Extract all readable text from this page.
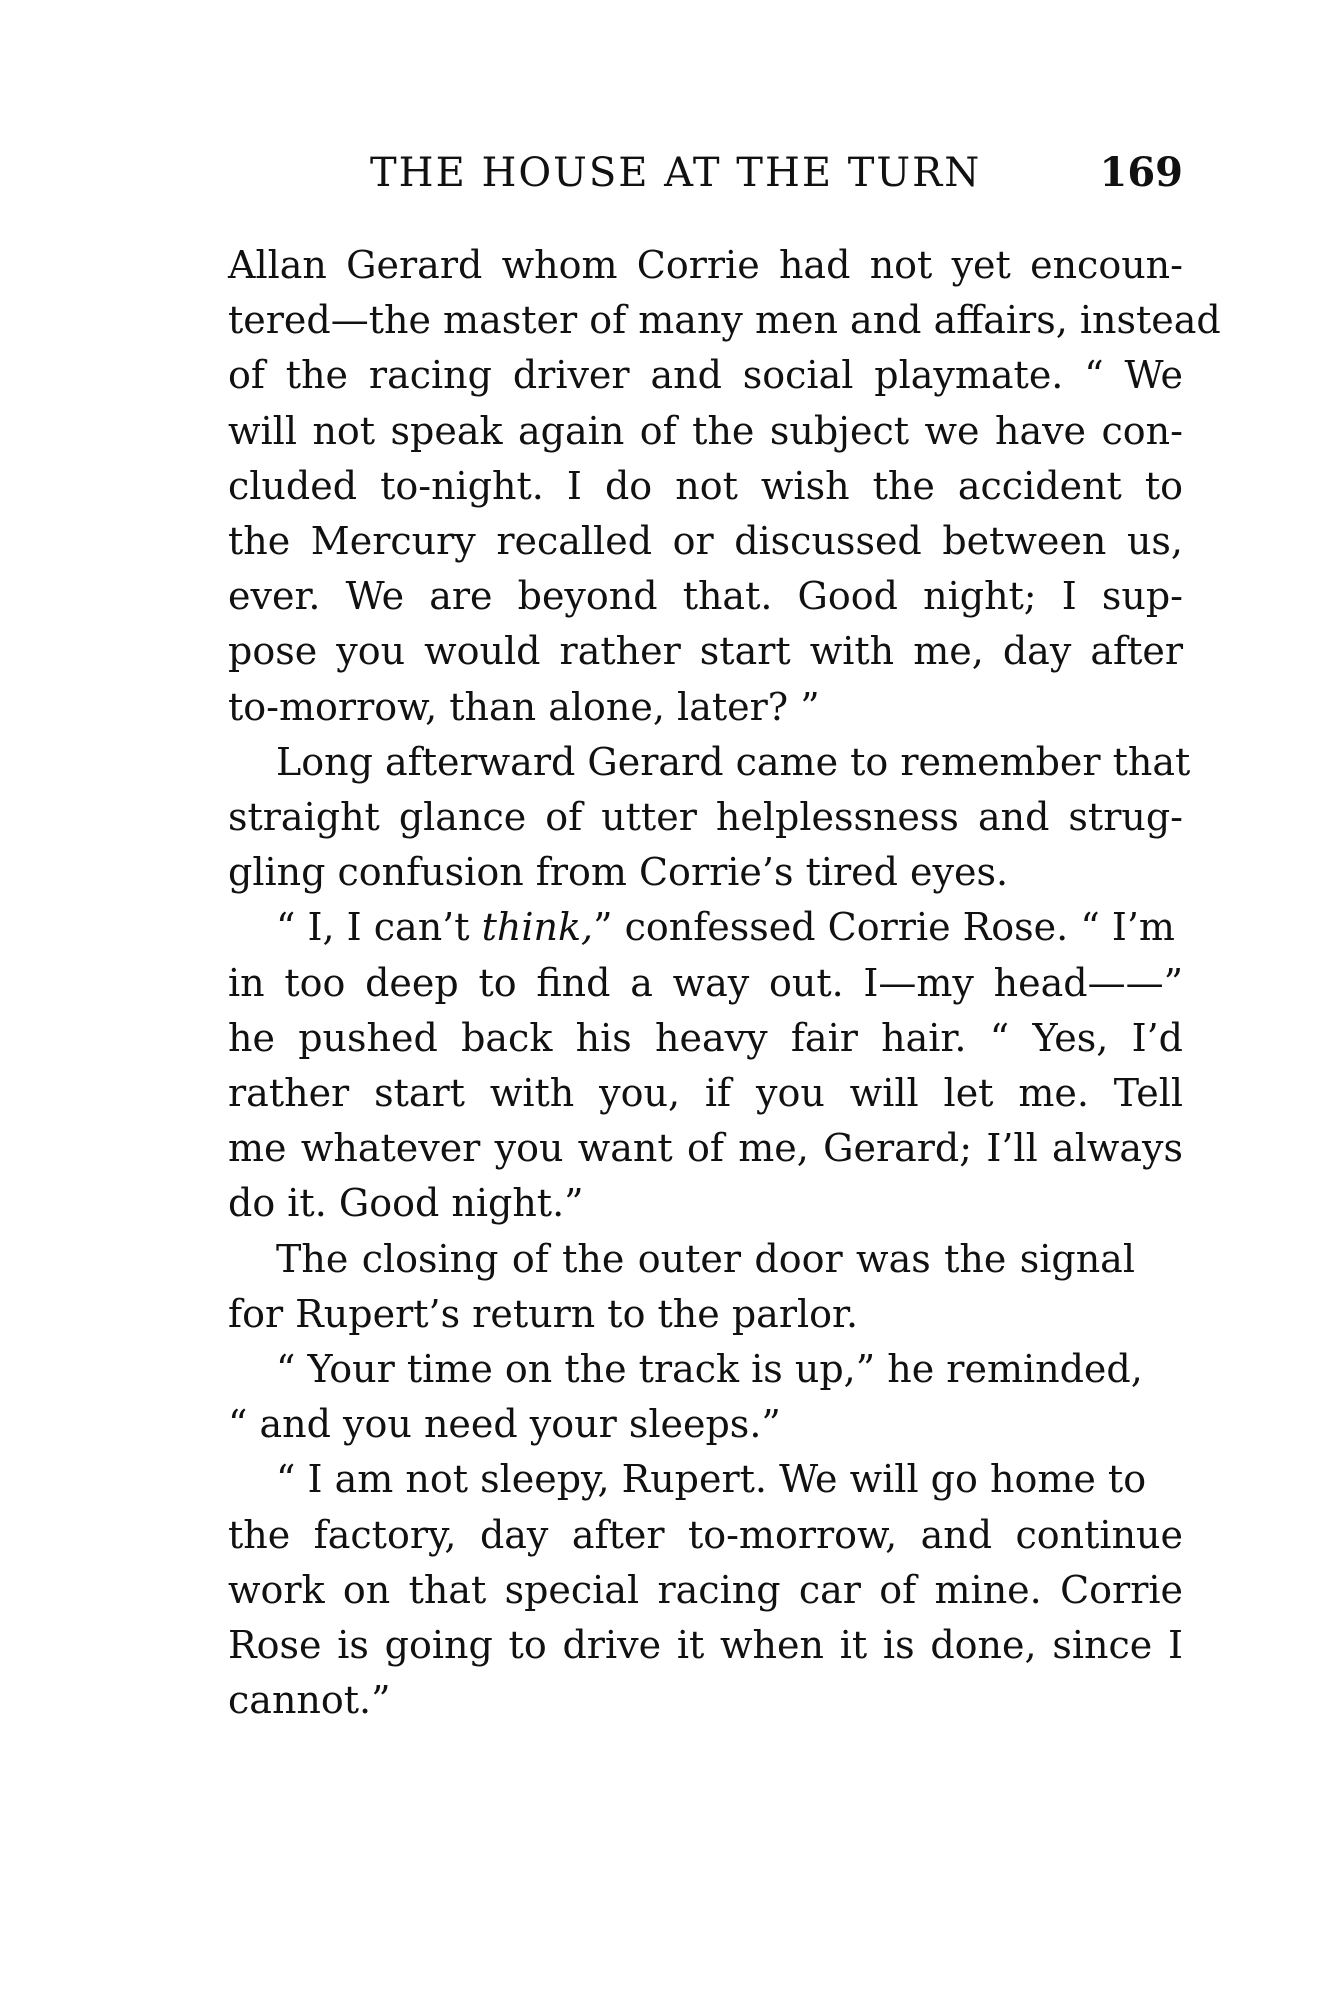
THE HOUSE AT THE TURN	169

Allan Gerard whom Corrie had not yet encoun-
tered—the master of many men and affairs, instead
of the racing driver and social playmate. “ We
will not speak again of the subject we have con-
cluded to-night. I do not wish the accident to
the Mercury recalled or discussed between us,
ever. We are beyond that. Good night; I sup-
pose you would rather start with me, day after
to-morrow, than alone, later? ”

Long afterward Gerard came to remember that
straight glance of utter helplessness and strug-
gling confusion from Corrie’s tired eyes.

“ I, I can’t think,” confessed Corrie Rose. “ I’m
in too deep to find a way out. I—my head——”
he pushed back his heavy fair hair. “ Yes, I’d
rather start with you, if you will let me. Tell
me whatever you want of me, Gerard; I’ll always
do it. Good night.”

The closing of the outer door was the signal
for Rupert’s return to the parlor.

“ Your time on the track is up,” he reminded,
“ and you need your sleeps.”

“ I am not sleepy, Rupert. We will go home to
the factory, day after to-morrow, and continue
work on that special racing car of mine. Corrie
Rose is going to drive it when it is done, since I
cannot.”
